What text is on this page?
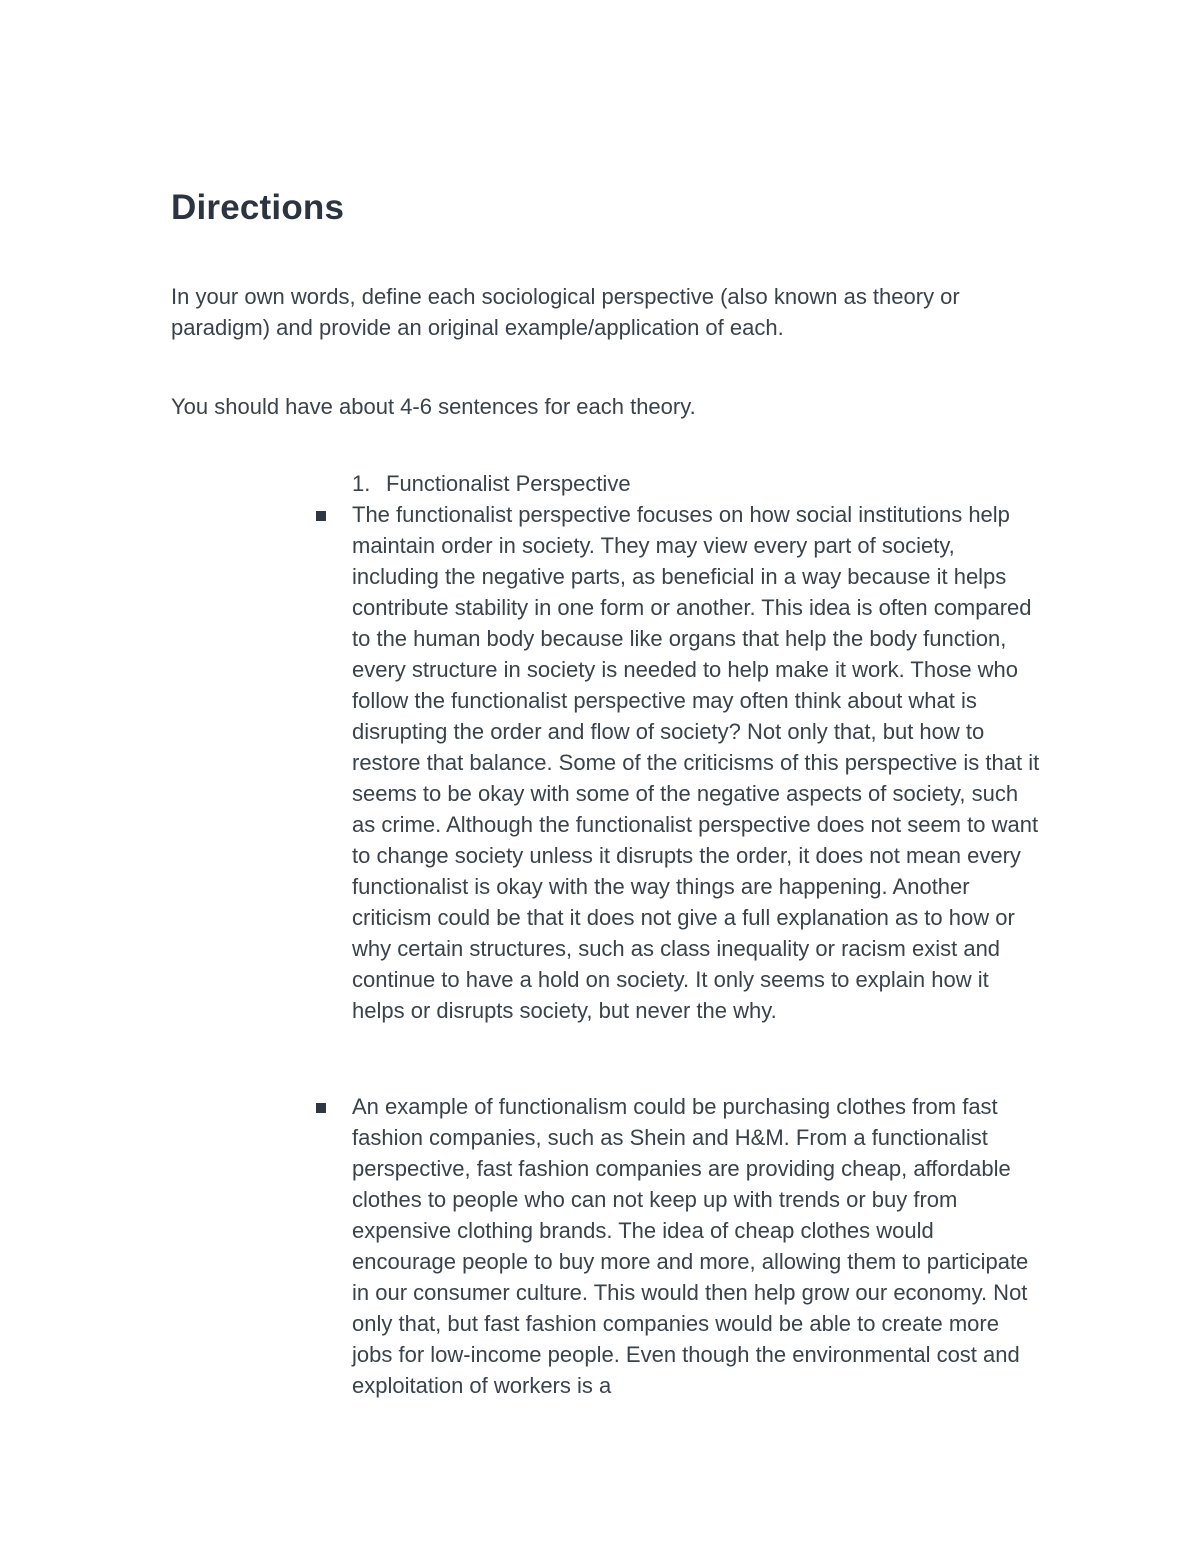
Directions

In your own words, define each sociological perspective (also known as theory or paradigm) and provide an original example/application of each.

You should have about 4-6 sentences for each theory.

1. Functionalist Perspective
The functionalist perspective focuses on how social institutions help maintain order in society. They may view every part of society, including the negative parts, as beneficial in a way because it helps contribute stability in one form or another. This idea is often compared to the human body because like organs that help the body function, every structure in society is needed to help make it work. Those who follow the functionalist perspective may often think about what is disrupting the order and flow of society? Not only that, but how to restore that balance. Some of the criticisms of this perspective is that it seems to be okay with some of the negative aspects of society, such as crime. Although the functionalist perspective does not seem to want to change society unless it disrupts the order, it does not mean every functionalist is okay with the way things are happening. Another criticism could be that it does not give a full explanation as to how or why certain structures, such as class inequality or racism exist and continue to have a hold on society. It only seems to explain how it helps or disrupts society, but never the why.
An example of functionalism could be purchasing clothes from fast fashion companies, such as Shein and H&M. From a functionalist perspective, fast fashion companies are providing cheap, affordable clothes to people who can not keep up with trends or buy from expensive clothing brands. The idea of cheap clothes would encourage people to buy more and more, allowing them to participate in our consumer culture. This would then help grow our economy. Not only that, but fast fashion companies would be able to create more jobs for low-income people. Even though the environmental cost and exploitation of workers is a
